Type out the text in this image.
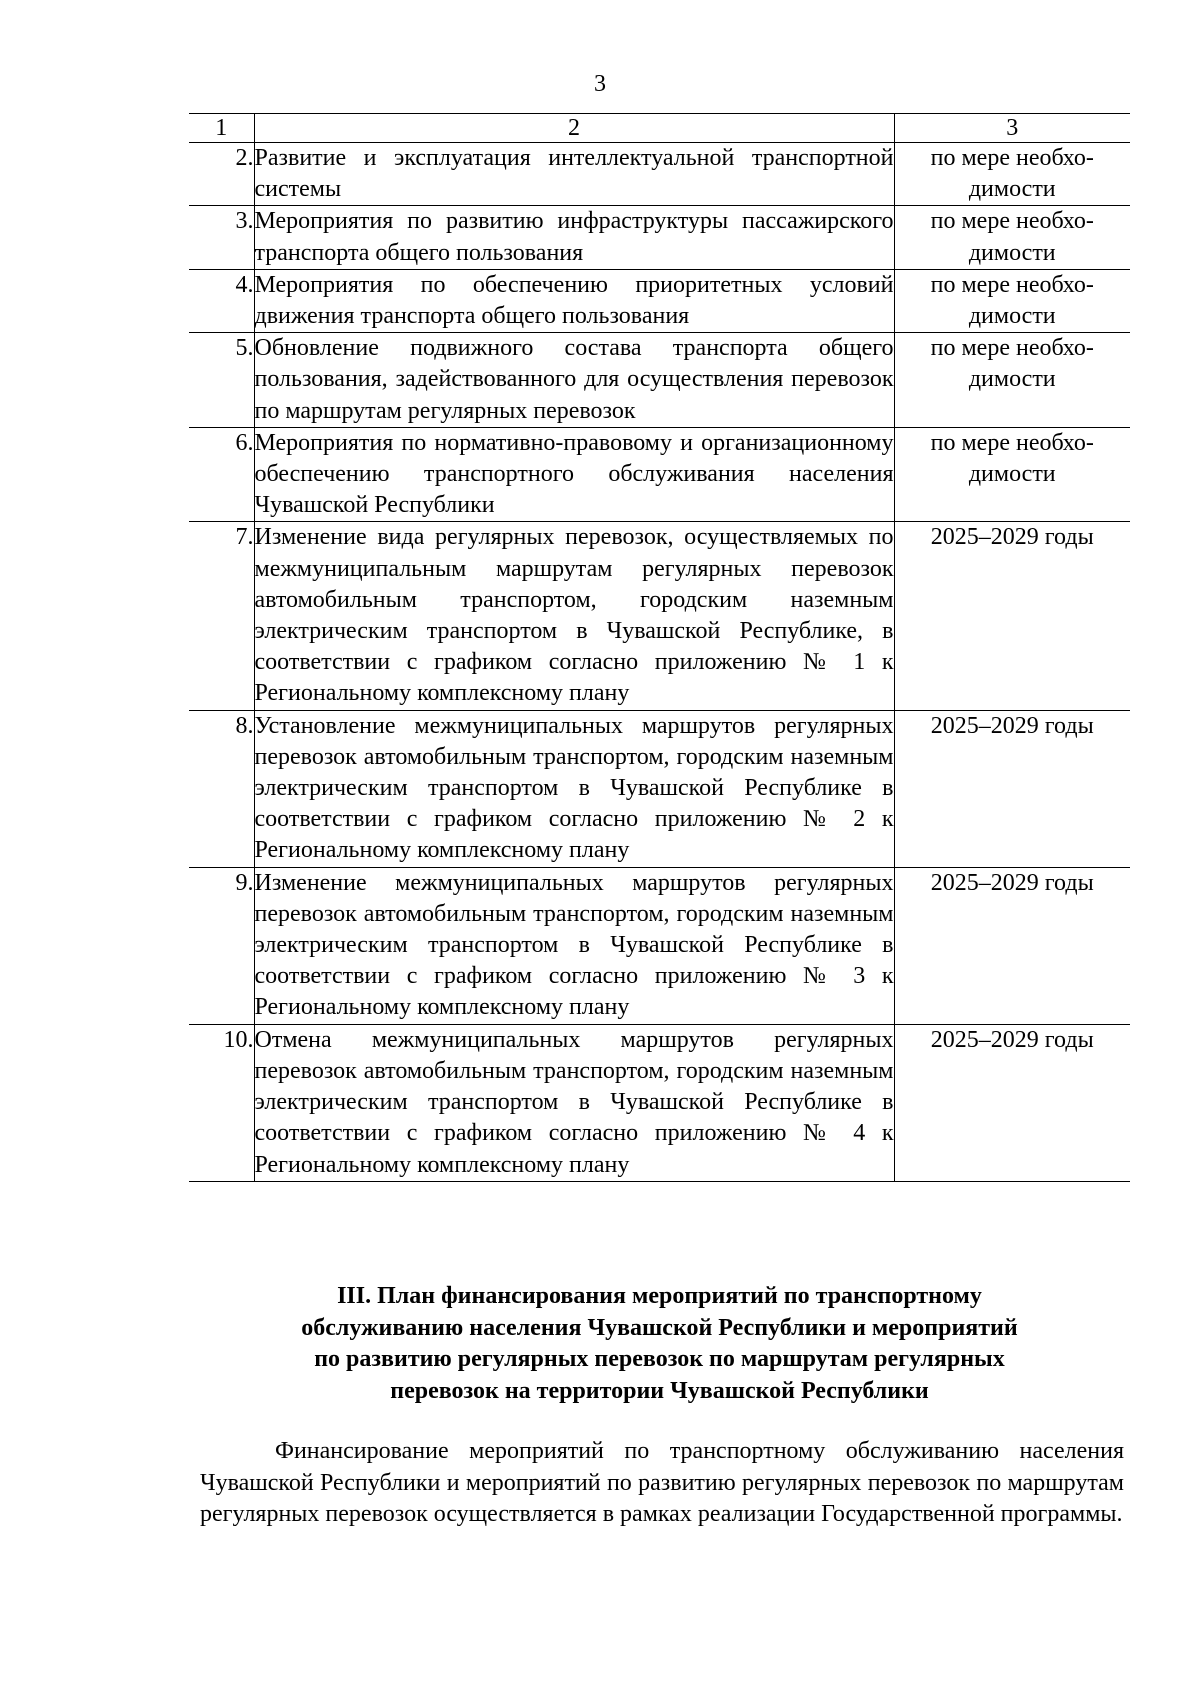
3
1	2	3
2.	Развитие и эксплуатация интеллектуальной транспортной системы	по мере необходимости
3.	Мероприятия по развитию инфраструктуры пассажирского транспорта общего пользования	по мере необходимости
4.	Мероприятия по обеспечению приоритетных условий движения транспорта общего пользования	по мере необходимости
5.	Обновление подвижного состава транспорта общего пользования, задействованного для осуществления перевозок по маршрутам регулярных перевозок	по мере необходимости
6.	Мероприятия по нормативно-правовому и организационному обеспечению транспортного обслуживания населения Чувашской Республики	по мере необходимости
7.	Изменение вида регулярных перевозок, осуществляемых по межмуниципальным маршрутам регулярных перевозок автомобильным транспортом, городским наземным электрическим транспортом в Чувашской Республике, в соответствии с графиком согласно приложению № 1 к Региональному комплексному плану	2025–2029 годы
8.	Установление межмуниципальных маршрутов регулярных перевозок автомобильным транспортом, городским наземным электрическим транспортом в Чувашской Республике в соответствии с графиком согласно приложению № 2 к Региональному комплексному плану	2025–2029 годы
9.	Изменение межмуниципальных маршрутов регулярных перевозок автомобильным транспортом, городским наземным электрическим транспортом в Чувашской Республике в соответствии с графиком согласно приложению № 3 к Региональному комплексному плану	2025–2029 годы
10.	Отмена межмуниципальных маршрутов регулярных перевозок автомобильным транспортом, городским наземным электрическим транспортом в Чувашской Республике в соответствии с графиком согласно приложению № 4 к Региональному комплексному плану	2025–2029 годы
III. План финансирования мероприятий по транспортному
обслуживанию населения Чувашской Республики и мероприятий
по развитию регулярных перевозок по маршрутам регулярных
перевозок на территории Чувашской Республики

Финансирование мероприятий по транспортному обслуживанию населения Чувашской Республики и мероприятий по развитию регулярных перевозок по маршрутам регулярных перевозок осуществляется в рамках реализации Государственной программы.
